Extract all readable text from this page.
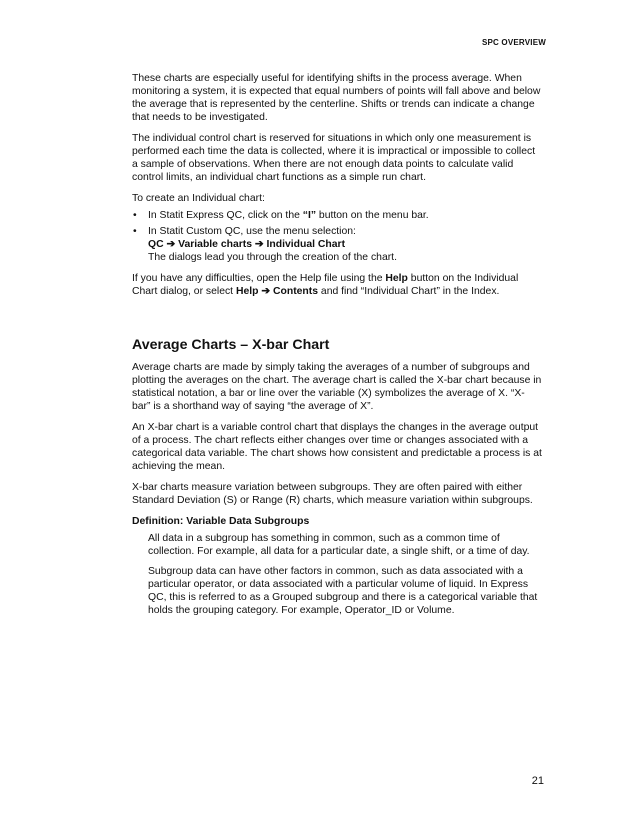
SPC OVERVIEW

These charts are especially useful for identifying shifts in the process average. When monitoring a system, it is expected that equal numbers of points will fall above and below the average that is represented by the centerline. Shifts or trends can indicate a change that needs to be investigated.

The individual control chart is reserved for situations in which only one measurement is performed each time the data is collected, where it is impractical or impossible to collect a sample of observations. When there are not enough data points to calculate valid control limits, an individual chart functions as a simple run chart.

To create an Individual chart:

• In Statit Express QC, click on the “I” button on the menu bar.
• In Statit Custom QC, use the menu selection:
QC ➔ Variable charts ➔ Individual Chart
The dialogs lead you through the creation of the chart.

If you have any difficulties, open the Help file using the Help button on the Individual Chart dialog, or select Help ➔ Contents and find “Individual Chart” in the Index.

Average Charts – X-bar Chart

Average charts are made by simply taking the averages of a number of subgroups and plotting the averages on the chart. The average chart is called the X-bar chart because in statistical notation, a bar or line over the variable (X) symbolizes the average of X. “X-bar” is a shorthand way of saying “the average of X”.

An X-bar chart is a variable control chart that displays the changes in the average output of a process. The chart reflects either changes over time or changes associated with a categorical data variable. The chart shows how consistent and predictable a process is at achieving the mean.

X-bar charts measure variation between subgroups. They are often paired with either Standard Deviation (S) or Range (R) charts, which measure variation within subgroups.

Definition: Variable Data Subgroups

All data in a subgroup has something in common, such as a common time of collection. For example, all data for a particular date, a single shift, or a time of day.

Subgroup data can have other factors in common, such as data associated with a particular operator, or data associated with a particular volume of liquid. In Express QC, this is referred to as a Grouped subgroup and there is a categorical variable that holds the grouping category. For example, Operator_ID or Volume.

21
